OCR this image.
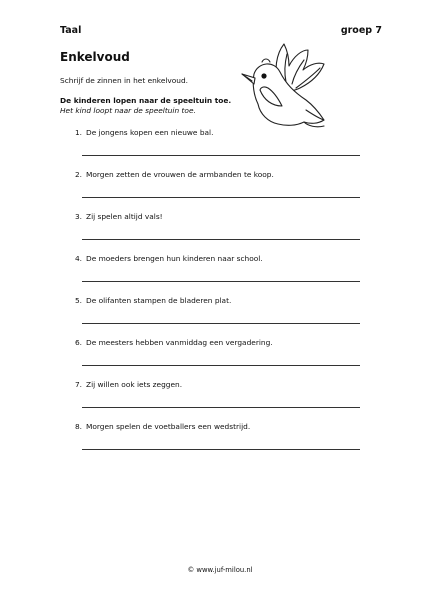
Taal	groep 7
Enkelvoud
Schrijf de zinnen in het enkelvoud.
De kinderen lopen naar de speeltuin toe.
Het kind loopt naar de speeltuin toe.
1. De jongens kopen een nieuwe bal.
2. Morgen zetten de vrouwen de armbanden te koop.
3. Zij spelen altijd vals!
4. De moeders brengen hun kinderen naar school.
5. De olifanten stampen de bladeren plat.
6. De meesters hebben vanmiddag een vergadering.
7. Zij willen ook iets zeggen.
8. Morgen spelen de voetballers een wedstrijd.
© www.juf-milou.nl
